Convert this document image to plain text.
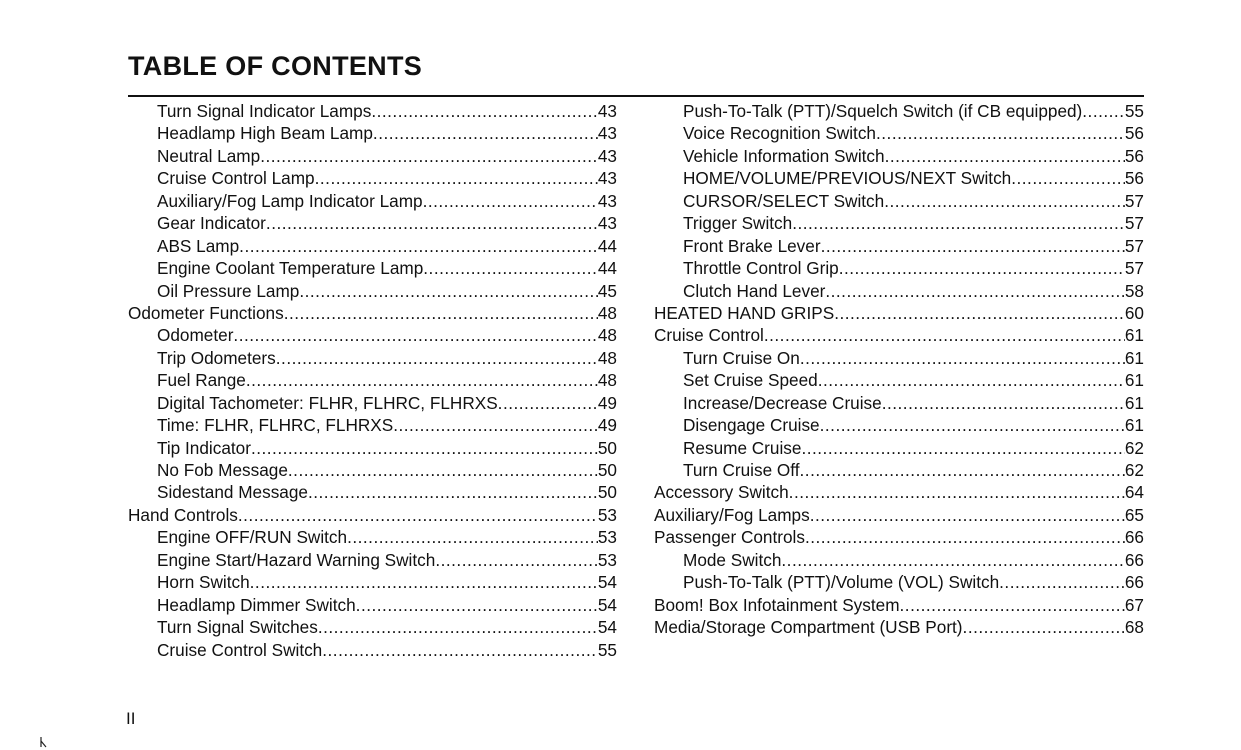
TABLE OF CONTENTS
Turn Signal Indicator Lamps .....	43
Headlamp High Beam Lamp .....	43
Neutral Lamp .....	43
Cruise Control Lamp .....	43
Auxiliary/Fog Lamp Indicator Lamp .....	43
Gear Indicator .....	43
ABS Lamp .....	44
Engine Coolant Temperature Lamp .....	44
Oil Pressure Lamp .....	45
Odometer Functions .....	48
Odometer .....	48
Trip Odometers .....	48
Fuel Range .....	48
Digital Tachometer: FLHR, FLHRC, FLHRXS .....	49
Time: FLHR, FLHRC, FLHRXS .....	49
Tip Indicator .....	50
No Fob Message .....	50
Sidestand Message .....	50
Hand Controls .....	53
Engine OFF/RUN Switch .....	53
Engine Start/Hazard Warning Switch .....	53
Horn Switch .....	54
Headlamp Dimmer Switch .....	54
Turn Signal Switches .....	54
Cruise Control Switch .....	55
Push-To-Talk (PTT)/Squelch Switch (if CB equipped) ..... 55
Voice Recognition Switch .....	56
Vehicle Information Switch .....	56
HOME/VOLUME/PREVIOUS/NEXT Switch .....	56
CURSOR/SELECT Switch .....	57
Trigger Switch .....	57
Front Brake Lever .....	57
Throttle Control Grip .....	57
Clutch Hand Lever .....	58
HEATED HAND GRIPS .....	60
Cruise Control .....	61
Turn Cruise On .....	61
Set Cruise Speed .....	61
Increase/Decrease Cruise .....	61
Disengage Cruise .....	61
Resume Cruise .....	62
Turn Cruise Off .....	62
Accessory Switch .....	64
Auxiliary/Fog Lamps .....	65
Passenger Controls .....	66
Mode Switch .....	66
Push-To-Talk (PTT)/Volume (VOL) Switch .....	66
Boom! Box Infotainment System .....	67
Media/Storage Compartment (USB Port) .....	68
II
